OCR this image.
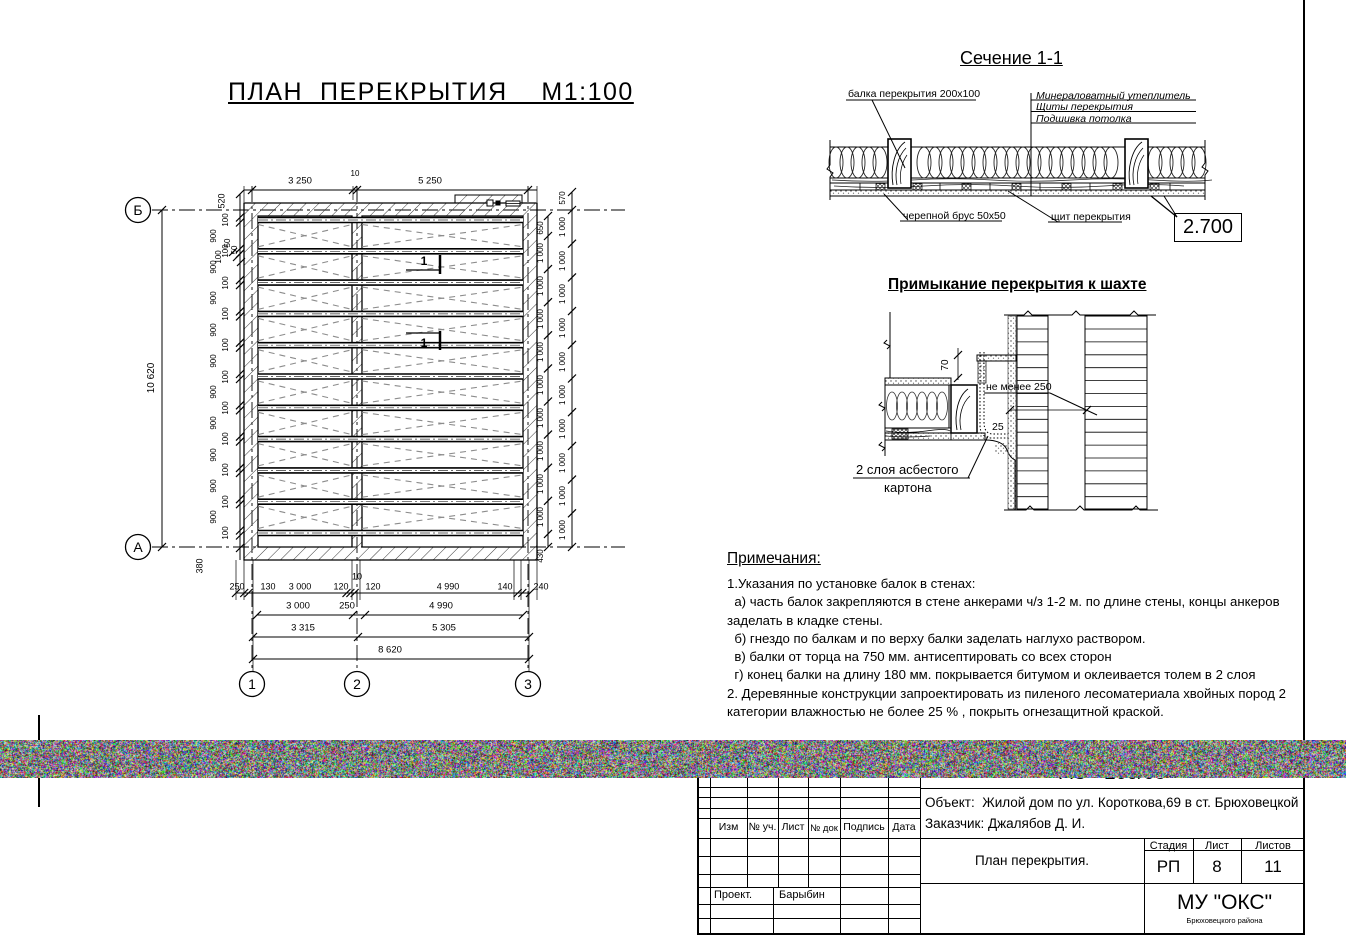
1
1
Б
А
1	2	3
3 250
10
5 250
520
100
900
100
900
100
900
100
900
100
900
100
900
100
900
100
900
100
900
100
900
100
380
10 620
650
1 000
1 000
1 000
1 000
1 000
1 000
1 000
1 000
1 000
430
570
1 000
1 000
1 000
1 000
1 000
1 000
1 000
1 000
1 000
1 000
100
50
50
250 130 3 000 120
10
120	4 990	140 240
3 000	250	4 990
3 315	5 305
8 620
ПЛАН  ПЕРЕКРЫТИЯ    М1:100
Сечение 1-1
балка перекрытия 200х100	Минераловатный утеплитель
Щиты перекрытия
Подшивка потолка
черепной брус 50х50	щит перекрытия	2.700
Примыкание перекрытия к шахте
70
не менее 250
25
2 слоя асбестого
картона
Примечания:
1.Указания по установке балок в стенах:
а) часть балок закрепляются в стене анкерами ч/з 1-2 м. по длине стены, концы анкеров
заделать в кладке стены.
б) гнездо по балкам и по верху балки заделать наглухо раствором.
в) балки от торца на 750 мм. антисептировать со всех сторон
г) конец балки на длину 180 мм. покрывается битумом и оклеивается толем в 2 слоя
2. Деревянные конструкции запроектировать из пиленого лесоматериала хвойных пород 2
категории влажностью не более 25 % , покрыть огнезащитной краской.
Объект:  Жилой дом по ул. Короткова,69 в ст. Брюховецкой
Заказчик: Джалябов Д. И.
План перекрытия.
Изм № уч. Лист № док Подпись Дата
Проект. Барыбин
Стадия	Лист	Листов
РП	8	11
МУ "ОКС"
Брюховецкого района
